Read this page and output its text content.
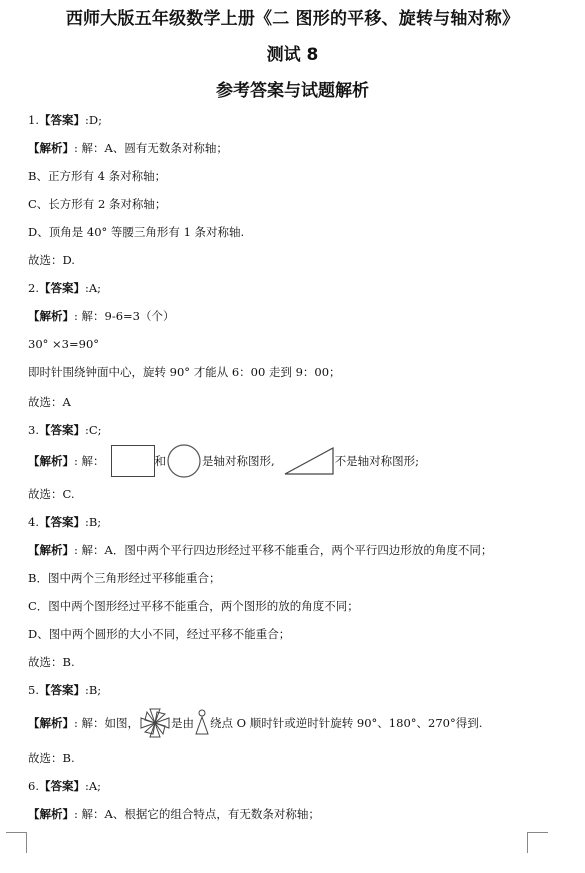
西师大版五年级数学上册《二 图形的平移、旋转与轴对称》
测试 8
参考答案与试题解析
1.【答案】:D;
【解析】: 解：A、圆有无数条对称轴；
B、正方形有 4 条对称轴；
C、长方形有 2 条对称轴；
D、顶角是 40° 等腰三角形有 1 条对称轴.
故选：D.
2.【答案】:A;
【解析】: 解：9-6=3（个）
30° ×3=90°
即时针围绕钟面中心，旋转 90° 才能从 6：00 走到 9：00；
故选：A
3.【答案】:C;
【解析】 : 解：	和	是轴对称图形,	不是轴对称图形;
故选：C.
4.【答案】:B;
【解析】: 解：A．图中两个平行四边形经过平移不能重合，两个平行四边形放的角度不同；
B．图中两个三角形经过平移能重合；
C．图中两个图形经过平移不能重合，两个图形的放的角度不同；
D、图中两个圆形的大小不同，经过平移不能重合；
故选：B.
5.【答案】:B;
【解析】 : 解：如图，	是由 绕点 O 顺时针或逆时针旋转 90°、180°、270°得到.
故选：B.
6.【答案】:A;
【解析】: 解：A、根据它的组合特点，有无数条对称轴；
